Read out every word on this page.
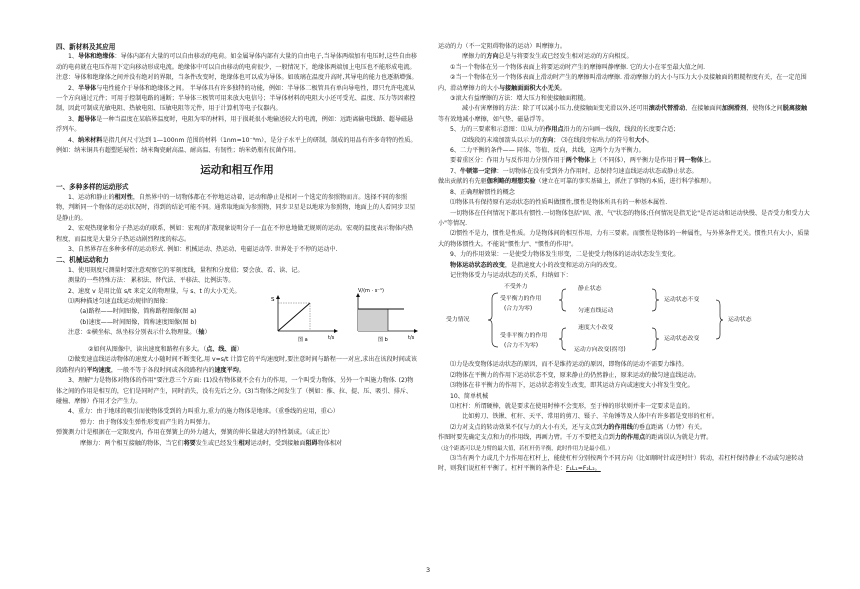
四、新材料及其应用

1、导体和绝缘体：导体内部有大量的可以自由移动的电荷。如金属导体内部有大量的自由电子,当导体两端加有电压时,这些自由移动的电荷就在电压作用下定向移动形成电流。绝缘体中可以自由移动的电荷很少，一般情况下，绝缘体两端加上电压也不能形成电流。注意：导体和绝缘体之间并没有绝对的界限，当条件改变时，绝缘体也可以成为导体。如玻璃在温度升高时,其导电的能力也逐渐增强。

2、半导体与电性能介于导体和绝缘体之间。 半导体具有许多独特的功能，例如：半导体二极管具有单向导电性，即只允许电流从一个方向通过元件；可用于控制电路的通断；半导体三极管可用来放大电信号；半导体材料的电阻大小还可受光、温度、压力等因素控制，因此可制成光敏电阻、热敏电阻、压敏电阻等元件，用于计算机等电子仪器内。

3、超导体是一种当温度在某临界温度时，电阻为零的材料，用于损耗很小地输送较大的电流，例如：远距离输电线路、超导磁悬浮列车。

4、纳米材料是指几何尺寸达到 1—100nm 范围的材料（1nm=10⁻⁹m），是分子水平上的研制，制成的用品有许多奇特的性质。例如：纳米铜具有超塑延展性；纳米陶瓷耐高温、耐高温、有韧性；纳米奶瓶有抗菌作用。

运动和相互作用

一、多种多样的运动形式

1、运动和静止的相对性，自然界中的一切物体都在不停地运动着，运动和静止是相对一个选定的参照物而言。选择不同的参照物，判断同一个物体的运动状况时，得到的结论可能不同。通常取地面为参照物，同步卫星是以地球为参照物，地面上的人看同步卫星是静止的。

2、宏观热现象和分子热运动的联系，例如：宏观的扩散现象说明分子一直在不停息地做无规则的运动。宏观的温度表示物体内热程度，而温度是大量分子热运动剧烈程度的标志。

3、自然界存在多种多样的运动形式. 例如：机械运动、热运动、电磁运动等. 世界处于不停的运动中.

二、机械运动和力

1、使用刻度尺测量时要注意观察它的零刻度线，量程和分度值；要会放、看、读、记。

测量的一些特殊方法： 累积法、替代法、平移法、比例法等。

2、速度 v 是用比值 s/t 来定义的物理量，与 s、t 的大小无关。

⑴两种描述匀速直线运动规律的图像：

(a)路程——时间图像，简称路程图像(图 a)

(b)速度——时间图像，简称速度图像(图 b)

注意：①横坐标、纵坐标分别表示什么物理量。（轴）

S
t/s
图 a
V/(m · s⁻¹)
t/s
图 b

②如何从图像中，读出速度和路程有多大。（点、线、面）

⑵做变速直线运动物体的速度大小随时间不断变化,用 v=s/t 计算它的平均速度时,要注意时间与路程一一对应,求出在该段时间或该段路程内的平均速度，一般不等于各段时间或各段路程内的速度平均。

3、理解"力是物体对物体的作用"要注意三个方面: (1)没有物体就不会有力的作用，一个叫受力物体，另外一个叫施力物体. (2)物体之间的作用是相互的，它们是同时产生，同时消失，没有先后之分。(3)当物体之间发生了（例如：推、拉、提、压、吸引、排斥、碰撞、摩擦）作用才会产生力。

4、重力：由于地球的吸引而使物体受到的力叫重力,重力的施力物体是地球。（重垂线的应用，重心）

弹力：由于物体发生弹性形变而产生的力叫弹力。

弹簧测力计是根据在一定限度内，作用在弹簧上的外力越大，弹簧的伸长量越大的特性制成。（或正比）

摩擦力：两个相互接触的物体，当它们将要发生或已经发生相对运动时，受到接触面阻碍物体相对

运动的力（不一定阻碍物体的运动）叫摩擦力。

摩擦力的方向总是与将要发生或已经发生相对运动的方向相反。

①当一个物体在另一个物体表面上将要运动时产生的摩擦叫静摩擦. 它的大小在零至最大值之间.

②当一个物体在另一个物体表面上滑动时产生的摩擦叫滑动摩擦. 滑动摩擦力的大小与压力大小及接触面的粗糙程度有关，在一定范围内，滑动摩擦力的大小与接触面面积大小无关。

③滚大有益摩擦的方法：增大压力和使接触面粗糙。

减小有害摩擦的方法：除了可以减小压力,使接触面变光滑以外,还可用滚动代替滑动、在接触面间加润滑剂，使物体之间脱离接触等有效地减小摩擦，如气垫、磁悬浮等。

5、力的三要素和示意图：⑴从力的作用点沿力的方向画一线段，线段的长度要合适；

⑵线段的末端加箭头以示力的方向； ⑶在线段旁标出力的符号和大小。

6、二力平衡的条件—— 同体、等值、反向，共线，这两个力为平衡力。

要着重区分：作用力与反作用力分别作用于两个物体上（不同体），两平衡力是作用于同一物体上。

7、牛顿第一定律：一切物体在没有受到外力作用时，总保持匀速直线运动状态或静止状态。

做出贡献的有先驱伽利略的理想实验（建立在可靠的事实基础上，抓住了事物的本质，进行科学推理）。

8、正确理解惯性的概念

⑴物体具有保持原有运动状态的性质叫做惯性,惯性是物体所具有的一种基本属性.

一切物体在任何情况下都具有惯性.一切物体包括"固、液、气"状态的物体;任何情况是指无论"是否运动和运动快慢、是否受力和受力大小"等情况.

⑵惯性不是力，惯性是性质。力是物体间的相互作用，力有三要素。而惯性是物体的一种属性，与外界条件无关。惯性只有大小，质量大的物体惯性大。不能说"惯性力"、"惯性的作用"。

9、力的作用效果：一是使受力物体发生形变，二是使受力物体的运动状态发生变化。

物体运动状态的改变，是指速度大小的改变和运动方向的改变。

记住物体受力与运动状态的关系，归纳如下：

受力情况
不受外力
受平衡力的作用
(合力为零)
受非平衡力的作用
(合力不为零)
静止状态
匀速直线运动
速度大小改变
运动方向改变(拐弯)
运动状态不变
运动状态改变
运动状态

⑴力是改变物体运动状态的原因，而不是维持运动的原因，即物体的运动不需要力维持。

⑵物体在平衡力的作用下运动状态不变，原来静止的仍然静止，原来运动的做匀速直线运动。

⑶物体在非平衡力的作用下，运动状态将发生改变，即其运动方向或速度大小将发生变化。

10、简单机械

⑴杠杆：所谓硬棒，就是要求在使用时棒不会变形，至于棒的形状则并非一定要求是直的。

比如剪刀、铁锹、杠秆、天平、常用的剪刀、镊子、羊角锤等及人体中有许多都是变形的杠杆。

⑵力对支点的转动效果不仅与力的大小有关，还与支点到力的作用线的垂直距离（力臂）有关。

作图时要先确定支点和力的作用线，再画力臂。千万不要把支点到力的作用点的距离误认为就是力臂。

（这个距离可以是力臂的最大值，若杠杆仍平衡，此时作用力是最小值。）

⑶当有两个力或几个力作用在杠杆上，能使杠杆分别按两个不同方向（比如顺时针或逆时针）转动，若杠杆保持静止不动或匀速转动时，则我们说杠杆平衡了。杠杆平衡的条件是：F₁L₁=F₂L₂。

3
